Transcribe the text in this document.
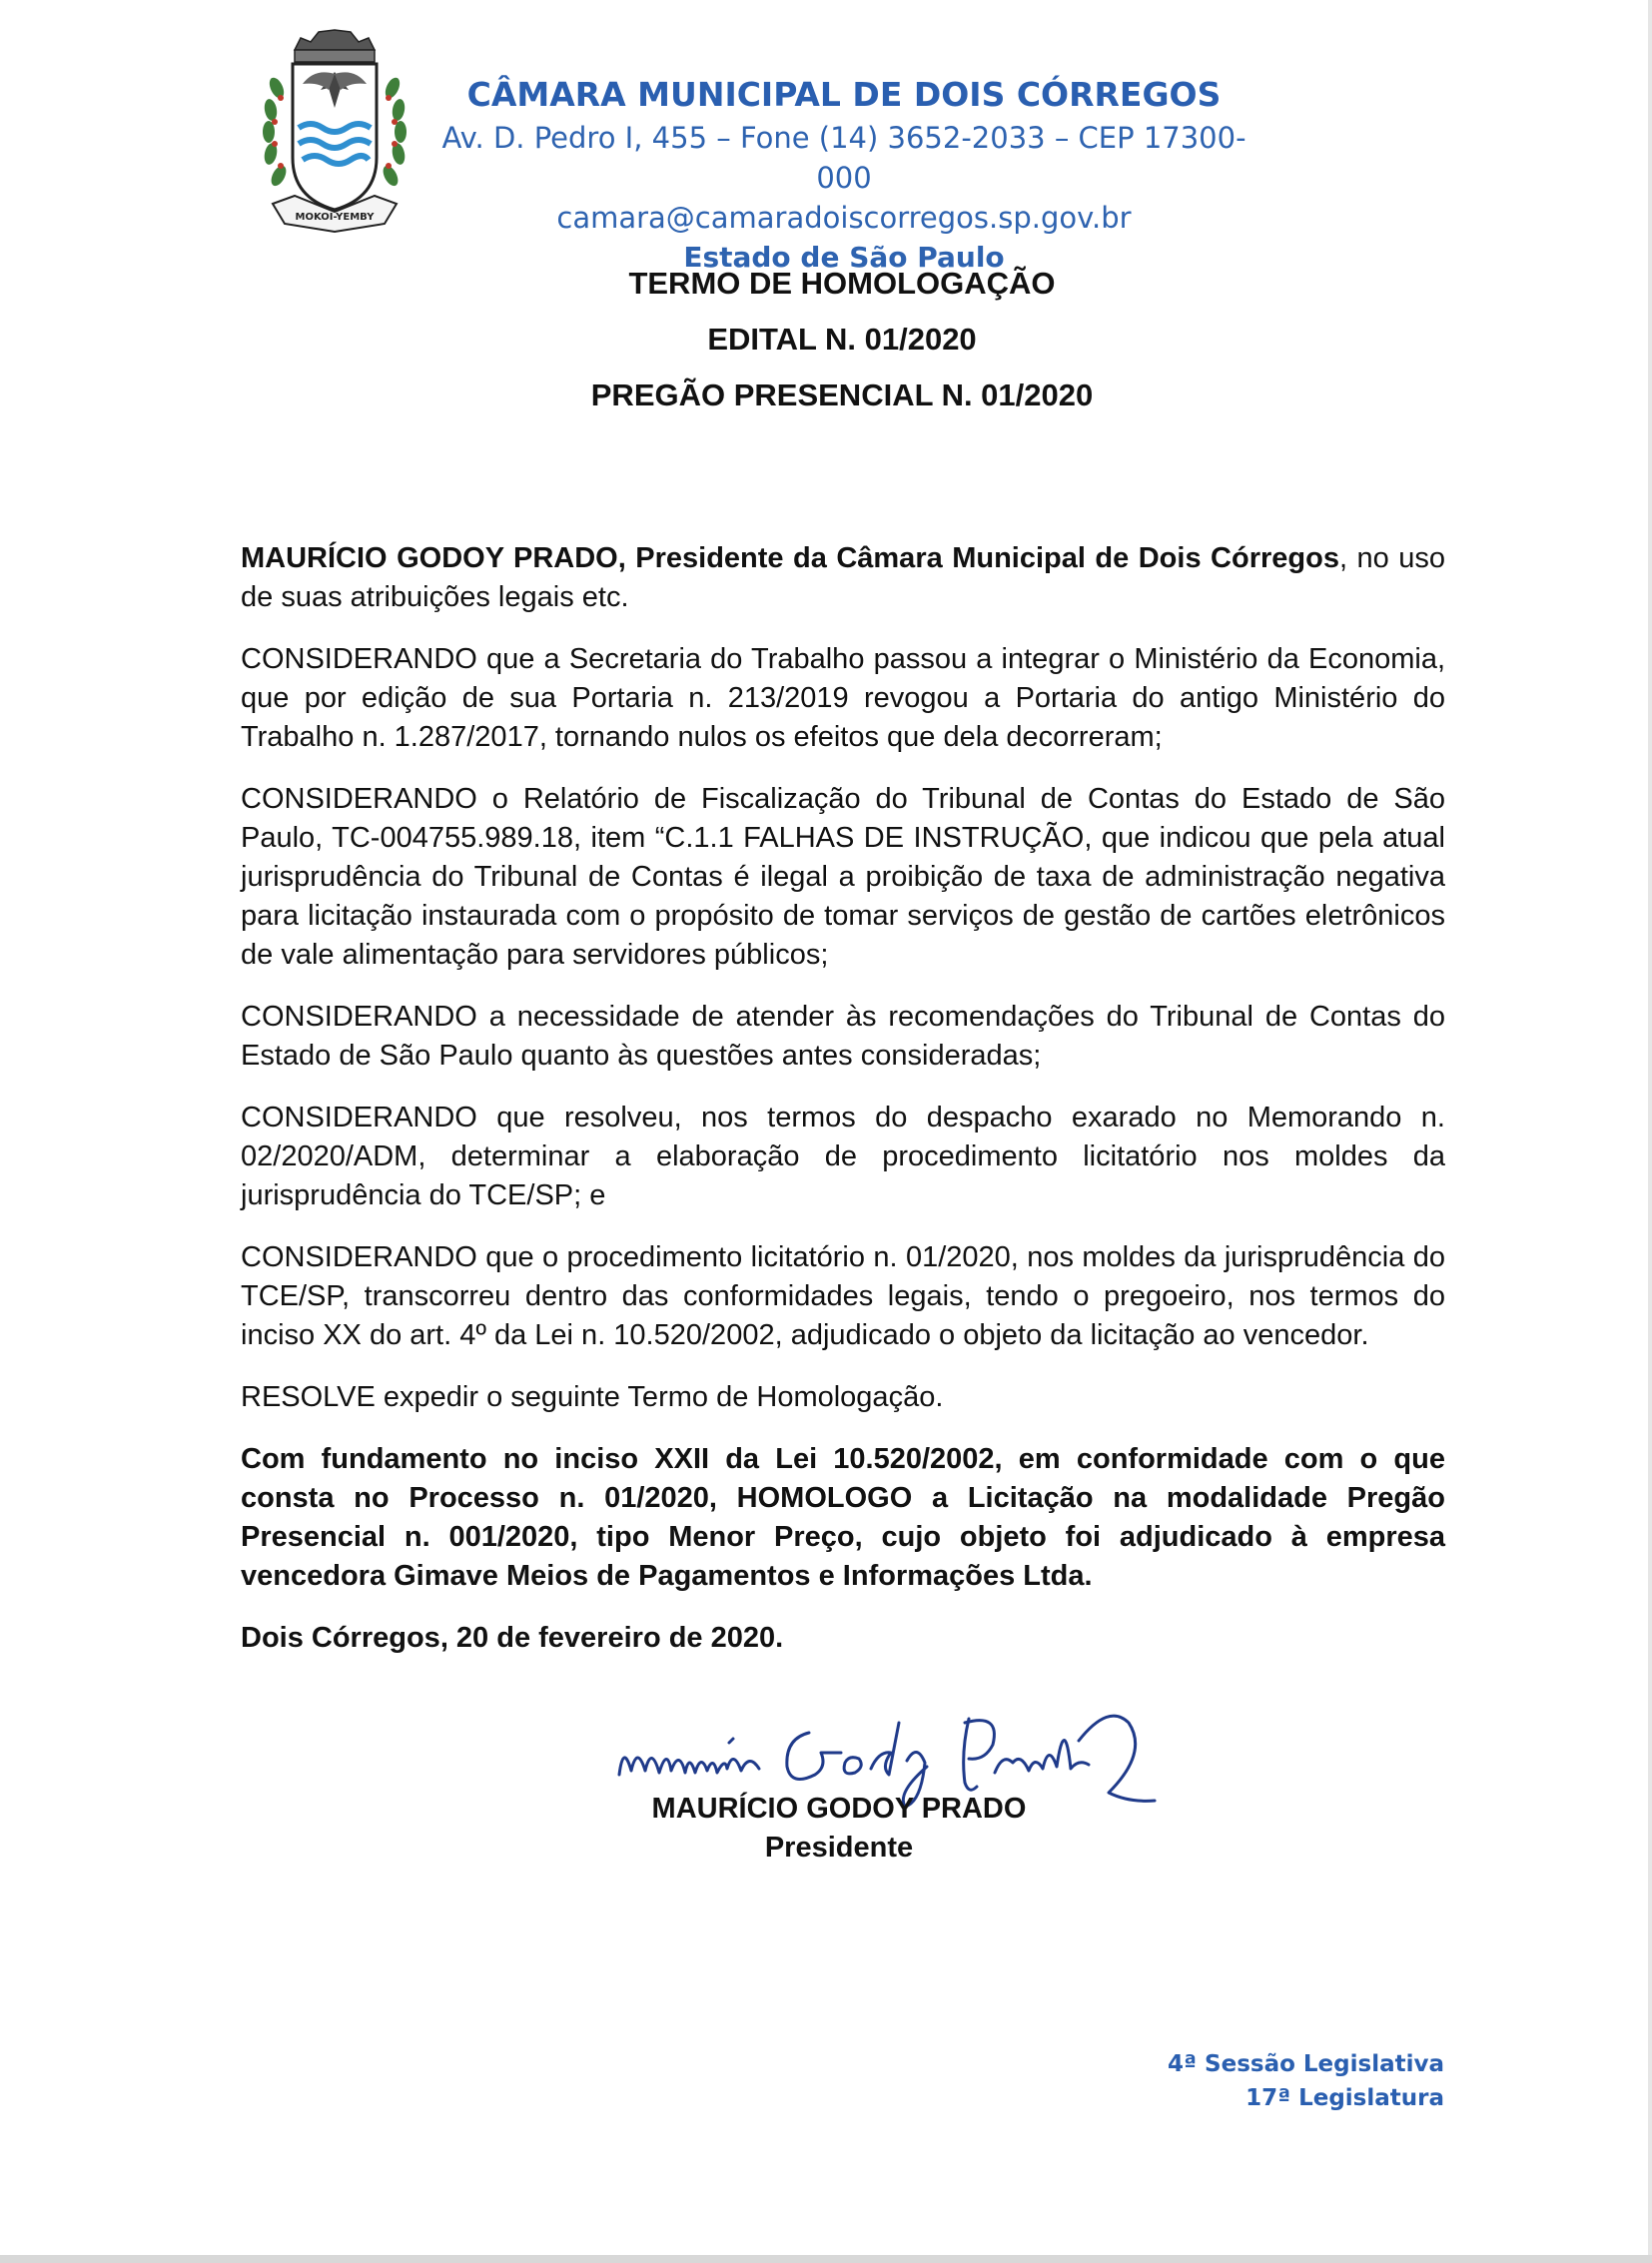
MOKOI-YEMBY
CÂMARA MUNICIPAL DE DOIS CÓRREGOS
Av. D. Pedro I, 455 – Fone (14) 3652-2033 – CEP 17300-000
camara@camaradoiscorregos.sp.gov.br
Estado de São Paulo
TERMO DE HOMOLOGAÇÃO
EDITAL N. 01/2020
PREGÃO PRESENCIAL N. 01/2020

MAURÍCIO GODOY PRADO, Presidente da Câmara Municipal de Dois Córregos, no uso de suas atribuições legais etc.

CONSIDERANDO que a Secretaria do Trabalho passou a integrar o Ministério da Economia, que por edição de sua Portaria n. 213/2019 revogou a Portaria do antigo Ministério do Trabalho n. 1.287/2017, tornando nulos os efeitos que dela decorreram;

CONSIDERANDO o Relatório de Fiscalização do Tribunal de Contas do Estado de São Paulo, TC-004755.989.18, item “C.1.1 FALHAS DE INSTRUÇÃO, que indicou que pela atual jurisprudência do Tribunal de Contas é ilegal a proibição de taxa de administração negativa para licitação instaurada com o propósito de tomar serviços de gestão de cartões eletrônicos de vale alimentação para servidores públicos;

CONSIDERANDO a necessidade de atender às recomendações do Tribunal de Contas do Estado de São Paulo quanto às questões antes consideradas;

CONSIDERANDO que resolveu, nos termos do despacho exarado no Memorando n. 02/2020/ADM, determinar a elaboração de procedimento licitatório nos moldes da jurisprudência do TCE/SP; e

CONSIDERANDO que o procedimento licitatório n. 01/2020, nos moldes da jurisprudência do TCE/SP, transcorreu dentro das conformidades legais, tendo o pregoeiro, nos termos do inciso XX do art. 4º da Lei n. 10.520/2002, adjudicado o objeto da licitação ao vencedor.

RESOLVE expedir o seguinte Termo de Homologação.

Com fundamento no inciso XXII da Lei 10.520/2002, em conformidade com o que consta no Processo n. 01/2020, HOMOLOGO a Licitação na modalidade Pregão Presencial n. 001/2020, tipo Menor Preço, cujo objeto foi adjudicado à empresa vencedora Gimave Meios de Pagamentos e Informações Ltda.

Dois Córregos, 20 de fevereiro de 2020.

MAURÍCIO GODOY PRADO
Presidente
4ª Sessão Legislativa
17ª Legislatura
